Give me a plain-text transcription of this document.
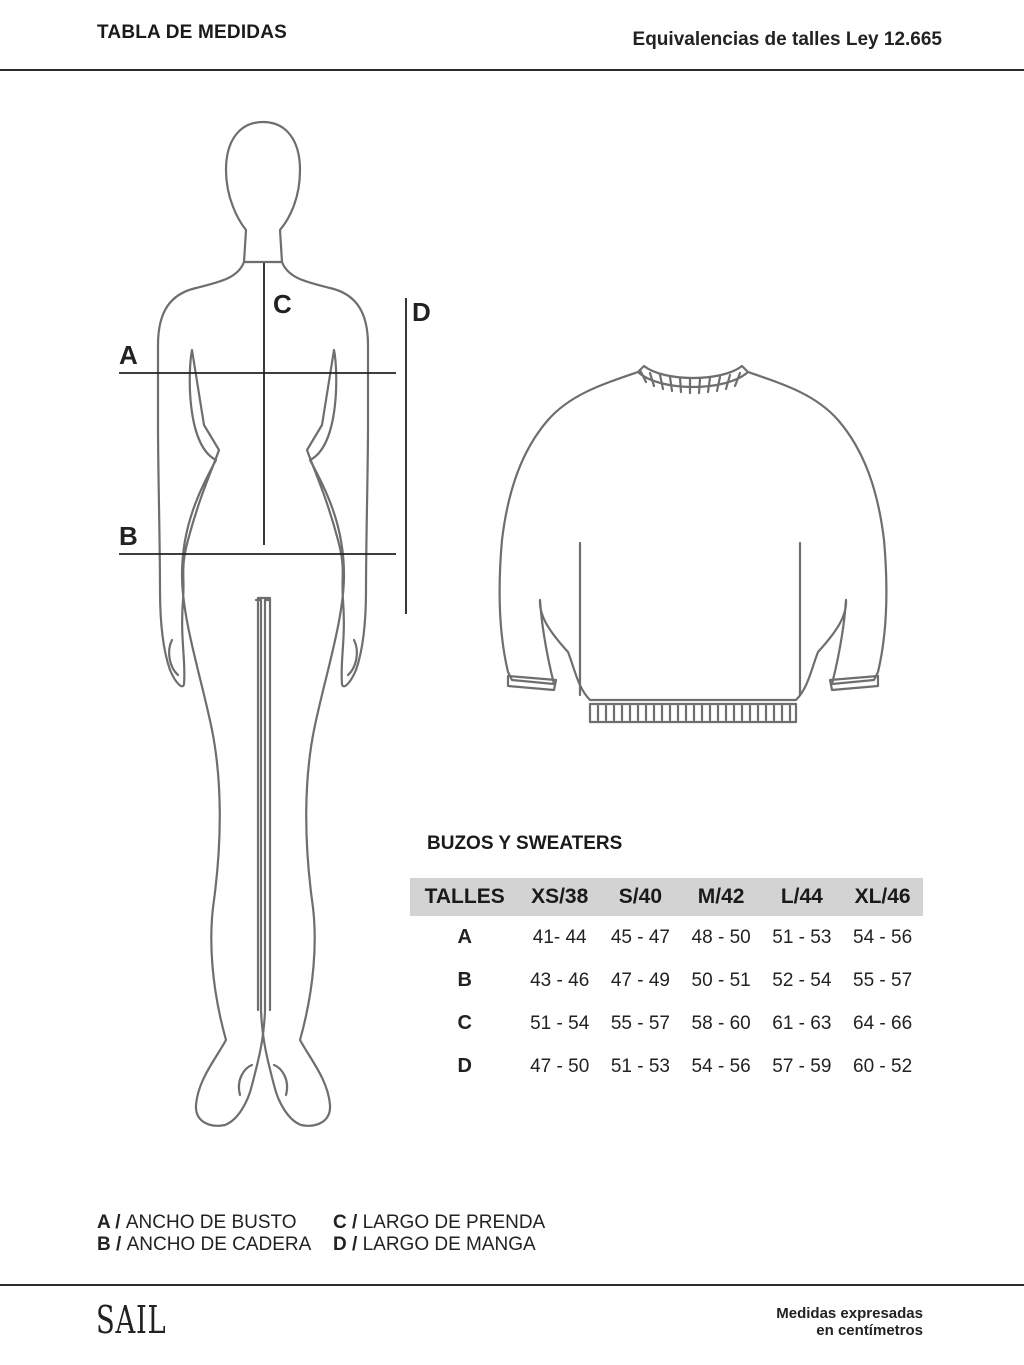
TABLA DE MEDIDAS	Equivalencias de talles Ley 12.665
A
B
C	D
BUZOS Y SWEATERS
TALLES	XS/38	S/40	M/42	L/44	XL/46
A	41- 44	45 - 47	48 - 50	51 - 53	54 - 56
B	43 - 46	47 - 49	50 - 51	52 - 54	55 - 57
C	51 - 54	55 - 57	58 - 60	61 - 63	64 - 66
D	47 - 50	51 - 53	54 - 56	57 - 59	60 - 52
A / ANCHO DE BUSTO
B / ANCHO DE CADERA
C / LARGO DE PRENDA
D / LARGO DE MANGA
SAIL	Medidas expresadas
en centímetros
